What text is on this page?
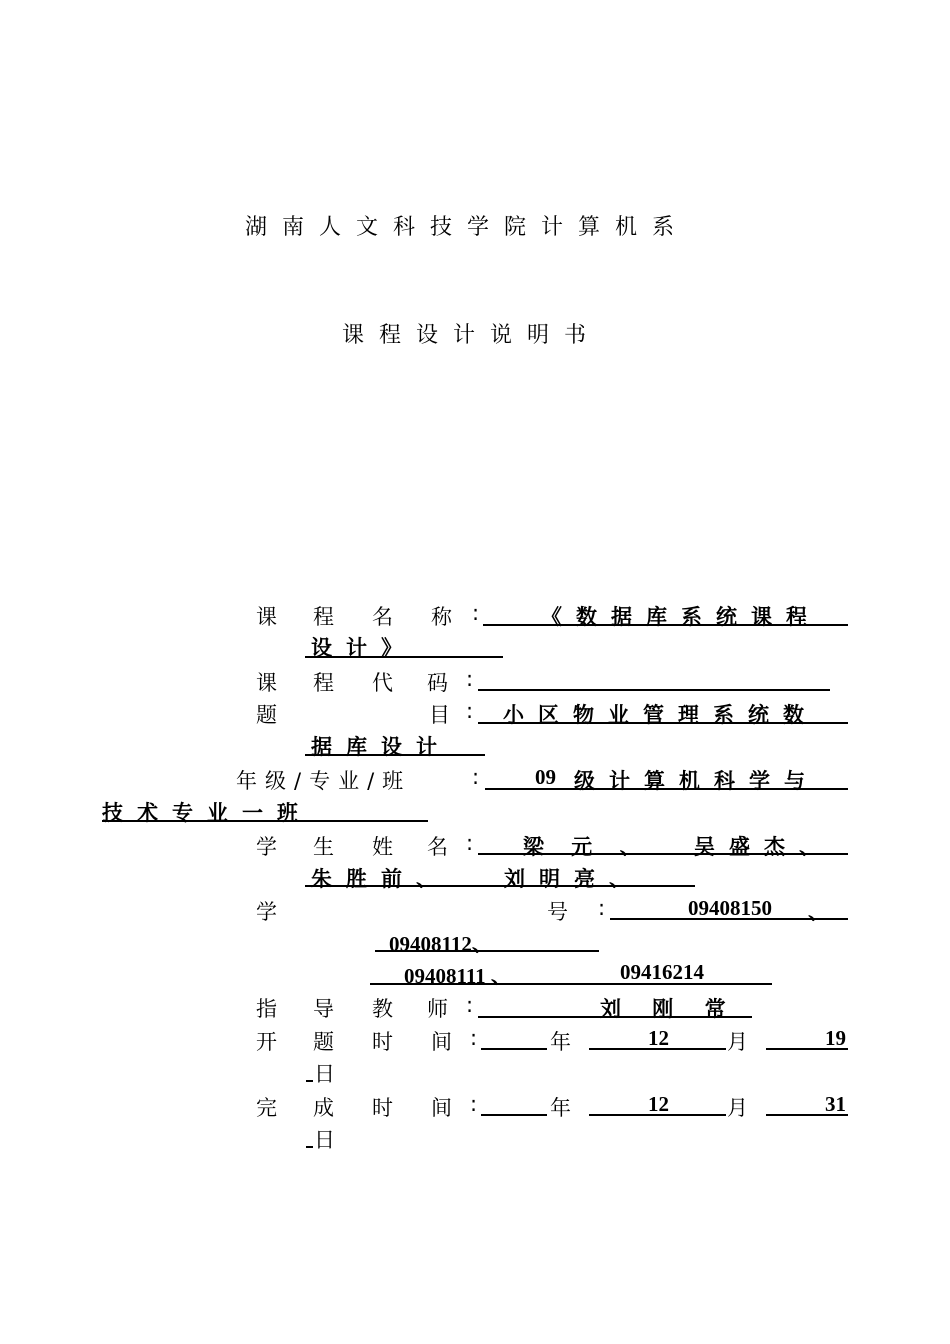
湖南人文科技学院计算机系
课程设计说明书
课 程 名 称 :	《数据库系统课程
设计》
课 程 代 码 :
题	目 : 小区物业管理系统数
据库设计
年级/专业/班	:	09 级计算机科学与
技术专业一班
学 生 姓 名 : 梁 元 、 吴盛杰、
朱胜前、	刘明亮、
学	号 :	09408150 、
09408112、
09408111 、	09416214
指 导 教 师 :	刘 刚 常
开 题 时 间 :	年	12	月	19
日
完 成 时 间 :	年	12	月	31
日
